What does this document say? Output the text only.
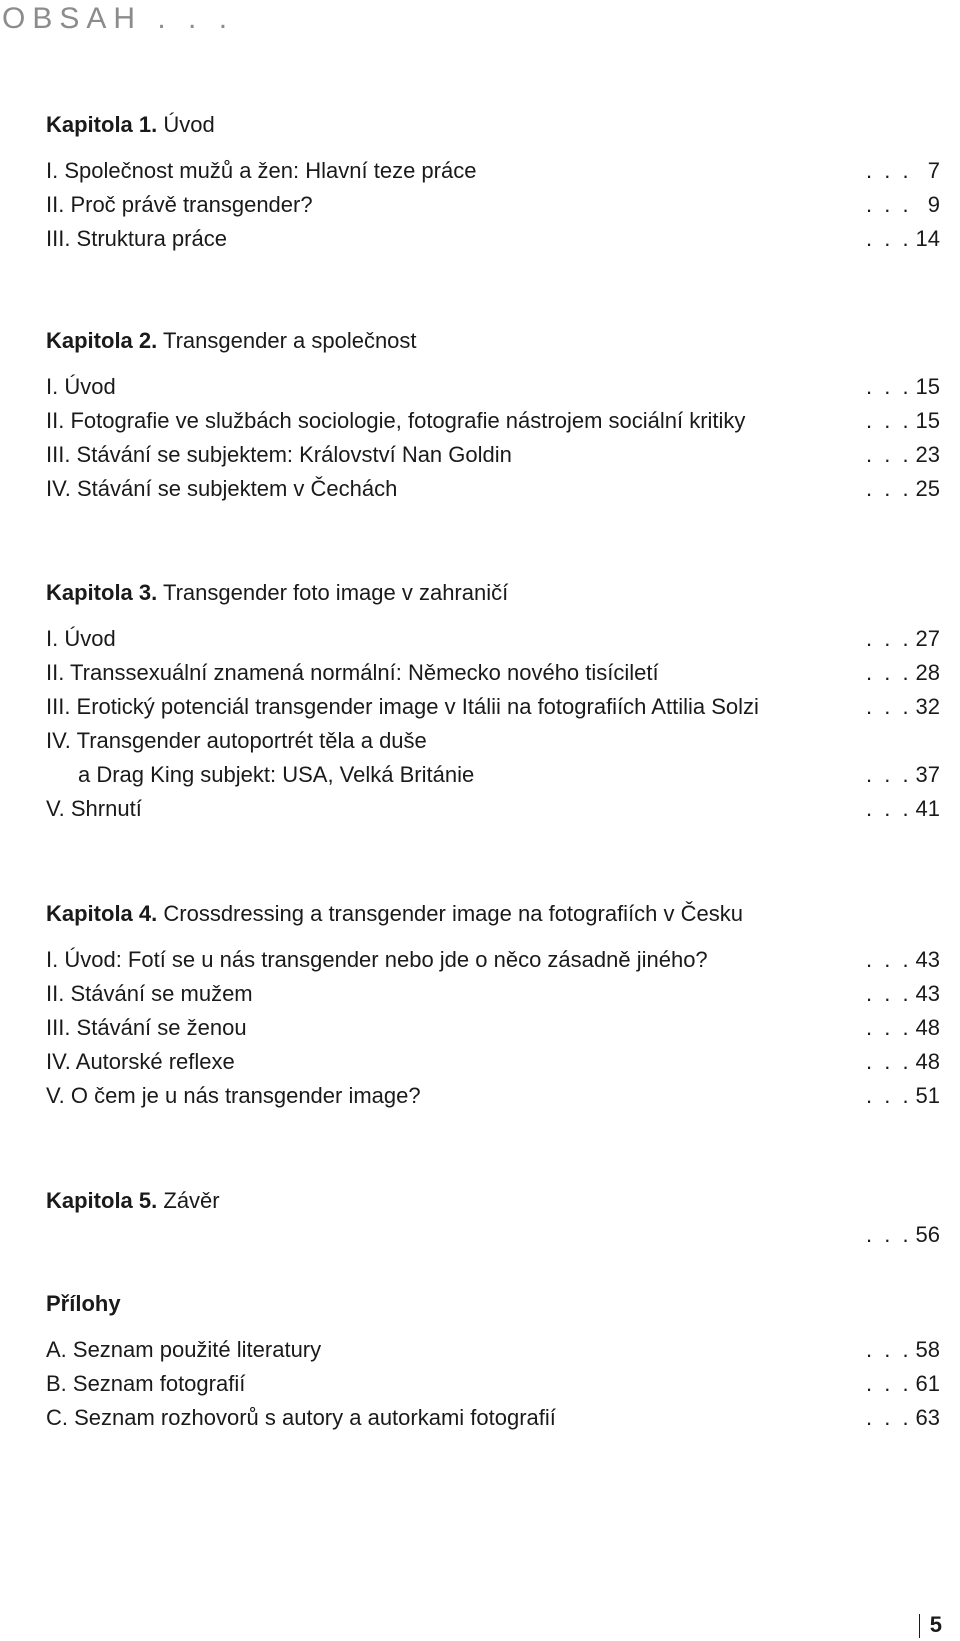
OBSAH . . .
Kapitola 1. Úvod
I. Společnost mužů a žen: Hlavní teze práce	. . . 7
II. Proč právě transgender?	. . . 9
III. Struktura práce	. . . 14
Kapitola 2. Transgender a společnost
I. Úvod	. . . 15
II. Fotografie ve službách sociologie, fotografie nástrojem sociální kritiky	. . . 15
III. Stávání se subjektem: Království Nan Goldin	. . . 23
IV. Stávání se subjektem v Čechách	. . . 25
Kapitola 3. Transgender foto image v zahraničí
I. Úvod	. . . 27
II. Transsexuální znamená normální: Německo nového tisíciletí	. . . 28
III. Erotický potenciál transgender image v Itálii na fotografiích Attilia Solzi	. . . 32
IV. Transgender autoportrét těla a duše
a Drag King subjekt: USA, Velká Británie	. . . 37
V. Shrnutí	. . . 41
Kapitola 4. Crossdressing a transgender image na fotografiích v Česku
I. Úvod: Fotí se u nás transgender nebo jde o něco zásadně jiného?	. . . 43
II. Stávání se mužem	. . . 43
III. Stávání se ženou	. . . 48
IV. Autorské reflexe	. . . 48
V. O čem je u nás transgender image?	. . . 51
Kapitola 5. Závěr
. . . 56
Přílohy
A. Seznam použité literatury	. . . 58
B. Seznam fotografií	. . . 61
C. Seznam rozhovorů s autory a autorkami fotografií	. . . 63
5
